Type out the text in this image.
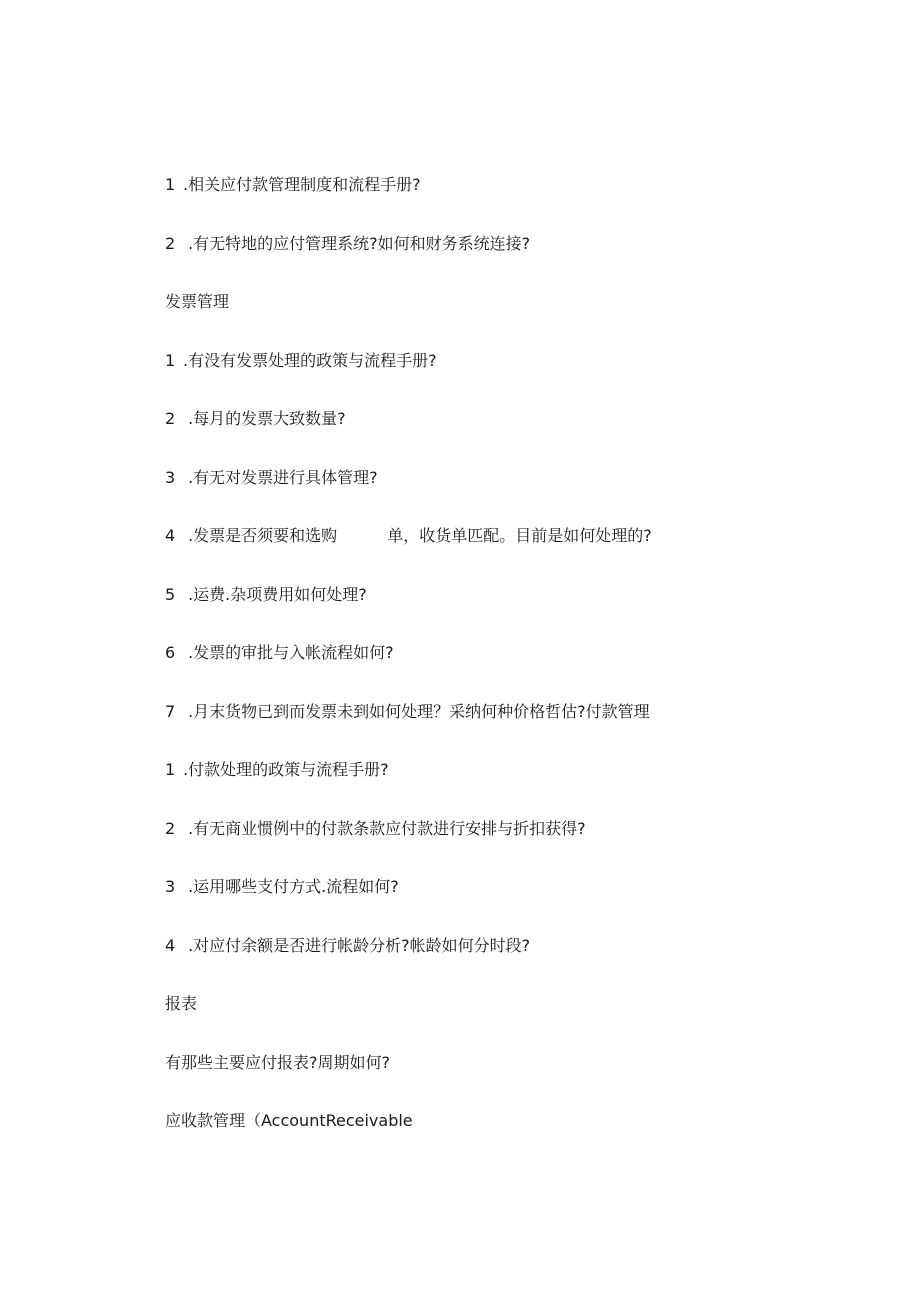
1 .相关应付款管理制度和流程手册?
2 .有无特地的应付管理系统?如何和财务系统连接?
发票管理
1 .有没有发票处理的政策与流程手册?
2 .每月的发票大致数量?
3 .有无对发票进行具体管理?
4 .发票是否须要和选购	单，收货单匹配。目前是如何处理的?
5 .运费.杂项费用如何处理?
6 .发票的审批与入帐流程如何?
7 .月末货物已到而发票未到如何处理？采纳何种价格哲估?付款管理
1 .付款处理的政策与流程手册?
2 .有无商业惯例中的付款条款应付款进行安排与折扣获得?
3 .运用哪些支付方式.流程如何?
4 .对应付余额是否进行帐龄分析?帐龄如何分时段?
报表
有那些主要应付报表?周期如何?
应收款管理（AccountReceivable
